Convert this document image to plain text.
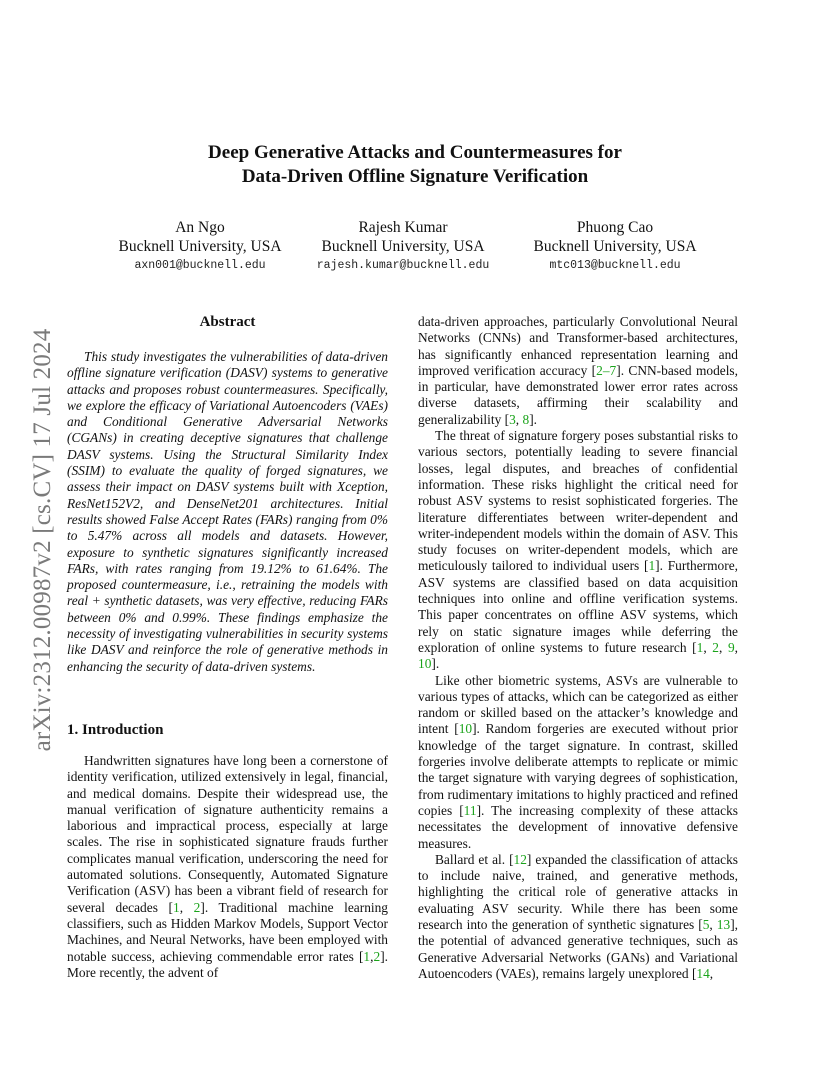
arXiv:2312.00987v2 [cs.CV] 17 Jul 2024
Deep Generative Attacks and Countermeasures for
Data-Driven Offline Signature Verification
An Ngo
Bucknell University, USA
axn001@bucknell.edu
Rajesh Kumar
Bucknell University, USA
rajesh.kumar@bucknell.edu
Phuong Cao
Bucknell University, USA
mtc013@bucknell.edu
Abstract

This study investigates the vulnerabilities of data-driven offline signature verification (DASV) systems to generative attacks and proposes robust countermeasures. Specifically, we explore the efficacy of Variational Autoencoders (VAEs) and Conditional Generative Adversarial Networks (CGANs) in creating deceptive signatures that challenge DASV systems. Using the Structural Similarity Index (SSIM) to evaluate the quality of forged signatures, we assess their impact on DASV systems built with Xception, ResNet152V2, and DenseNet201 architectures. Initial results showed False Accept Rates (FARs) ranging from 0% to 5.47% across all models and datasets. However, exposure to synthetic signatures significantly increased FARs, with rates ranging from 19.12% to 61.64%. The proposed countermeasure, i.e., retraining the models with real + synthetic datasets, was very effective, reducing FARs between 0% and 0.99%. These findings emphasize the necessity of investigating vulnerabilities in security systems like DASV and reinforce the role of generative methods in enhancing the security of data-driven systems.

1. Introduction

Handwritten signatures have long been a cornerstone of identity verification, utilized extensively in legal, financial, and medical domains. Despite their widespread use, the manual verification of signature authenticity remains a laborious and impractical process, especially at large scales. The rise in sophisticated signature frauds further complicates manual verification, underscoring the need for automated solutions. Consequently, Automated Signature Verification (ASV) has been a vibrant field of research for several decades [1, 2]. Traditional machine learning classifiers, such as Hidden Markov Models, Support Vector Machines, and Neural Networks, have been employed with notable success, achieving commendable error rates [1,2]. More recently, the advent of

data-driven approaches, particularly Convolutional Neural Networks (CNNs) and Transformer-based architectures, has significantly enhanced representation learning and improved verification accuracy [2–7]. CNN-based models, in particular, have demonstrated lower error rates across diverse datasets, affirming their scalability and generalizability [3, 8].

The threat of signature forgery poses substantial risks to various sectors, potentially leading to severe financial losses, legal disputes, and breaches of confidential information. These risks highlight the critical need for robust ASV systems to resist sophisticated forgeries. The literature differentiates between writer-dependent and writer-independent models within the domain of ASV. This study focuses on writer-dependent models, which are meticulously tailored to individual users [1]. Furthermore, ASV systems are classified based on data acquisition techniques into online and offline verification systems. This paper concentrates on offline ASV systems, which rely on static signature images while deferring the exploration of online systems to future research [1, 2, 9, 10].

Like other biometric systems, ASVs are vulnerable to various types of attacks, which can be categorized as either random or skilled based on the attacker’s knowledge and intent [10]. Random forgeries are executed without prior knowledge of the target signature. In contrast, skilled forgeries involve deliberate attempts to replicate or mimic the target signature with varying degrees of sophistication, from rudimentary imitations to highly practiced and refined copies [11]. The increasing complexity of these attacks necessitates the development of innovative defensive measures.

Ballard et al. [12] expanded the classification of attacks to include naive, trained, and generative methods, highlighting the critical role of generative attacks in evaluating ASV security. While there has been some research into the generation of synthetic signatures [5, 13], the potential of advanced generative techniques, such as Generative Adversarial Networks (GANs) and Variational Autoencoders (VAEs), remains largely unexplored [14,
